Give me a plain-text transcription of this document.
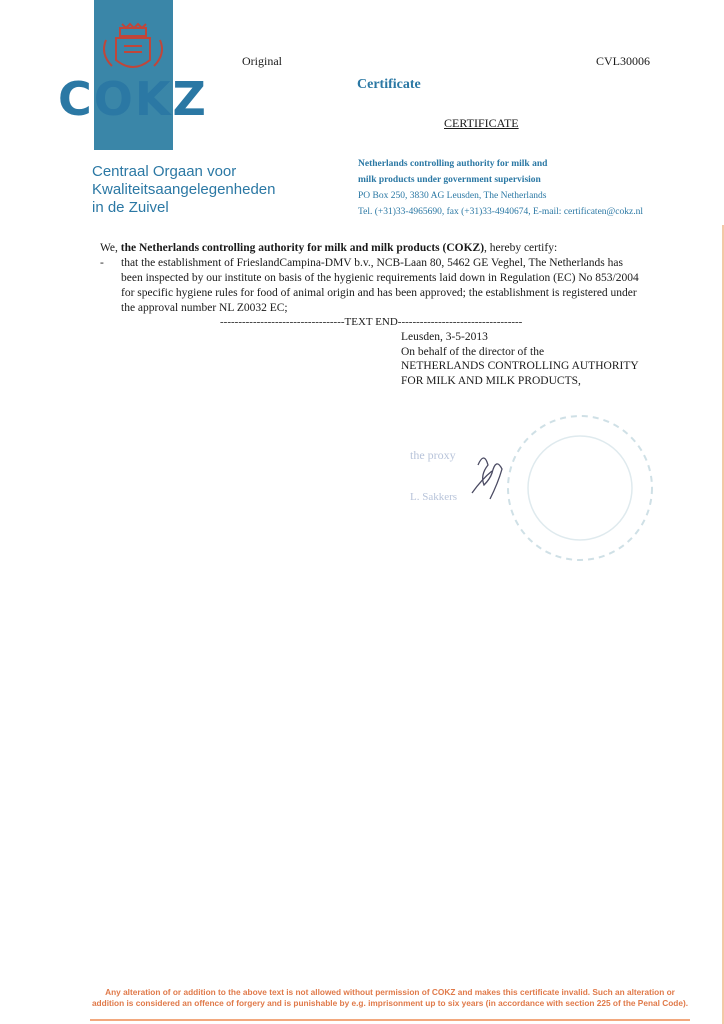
COKZ
Centraal Orgaan voor
Kwaliteitsaangelegenheden
in de Zuivel
Original	CVL30006
Certificate
CERTIFICATE
Netherlands controlling authority for milk and
milk products under government supervision
PO Box 250, 3830 AG Leusden, The Netherlands
Tel. (+31)33-4965690, fax (+31)33-4940674, E-mail: certificaten@cokz.nl
We, the Netherlands controlling authority for milk and milk products (COKZ), hereby certify:
- that the establishment of FrieslandCampina-DMV b.v., NCB-Laan 80, 5462 GE Veghel, The Netherlands has
been inspected by our institute on basis of the hygienic requirements laid down in Regulation (EC) No 853/2004
for specific hygiene rules for food of animal origin and has been approved; the establishment is registered under
the approval number NL Z0032 EC;
----------------------------------TEXT END----------------------------------
Leusden, 3-5-2013
On behalf of the director of the
NETHERLANDS CONTROLLING AUTHORITY
FOR MILK AND MILK PRODUCTS,
the proxy
L. Sakkers
Any alteration of or addition to the above text is not allowed without permission of COKZ and makes this certificate invalid. Such an alteration or
addition is considered an offence of forgery and is punishable by e.g. imprisonment up to six years (in accordance with section 225 of the Penal Code).
